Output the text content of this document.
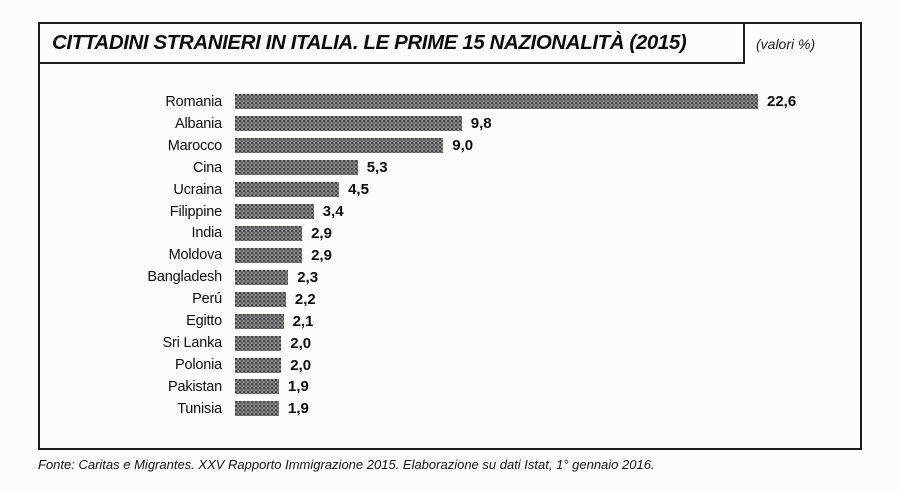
CITTADINI STRANIERI IN ITALIA. LE PRIME 15 NAZIONALITÀ (2015)	(valori %)
Romania	22,6
Albania	9,8
Marocco	9,0
Cina	5,3
Ucraina	4,5
Filippine	3,4
India	2,9
Moldova	2,9
Bangladesh	2,3
Perú	2,2
Egitto	2,1
Sri Lanka	2,0
Polonia	2,0
Pakistan	1,9
Tunisia	1,9
Fonte: Caritas e Migrantes. XXV Rapporto Immigrazione 2015. Elaborazione su dati Istat, 1° gennaio 2016.
